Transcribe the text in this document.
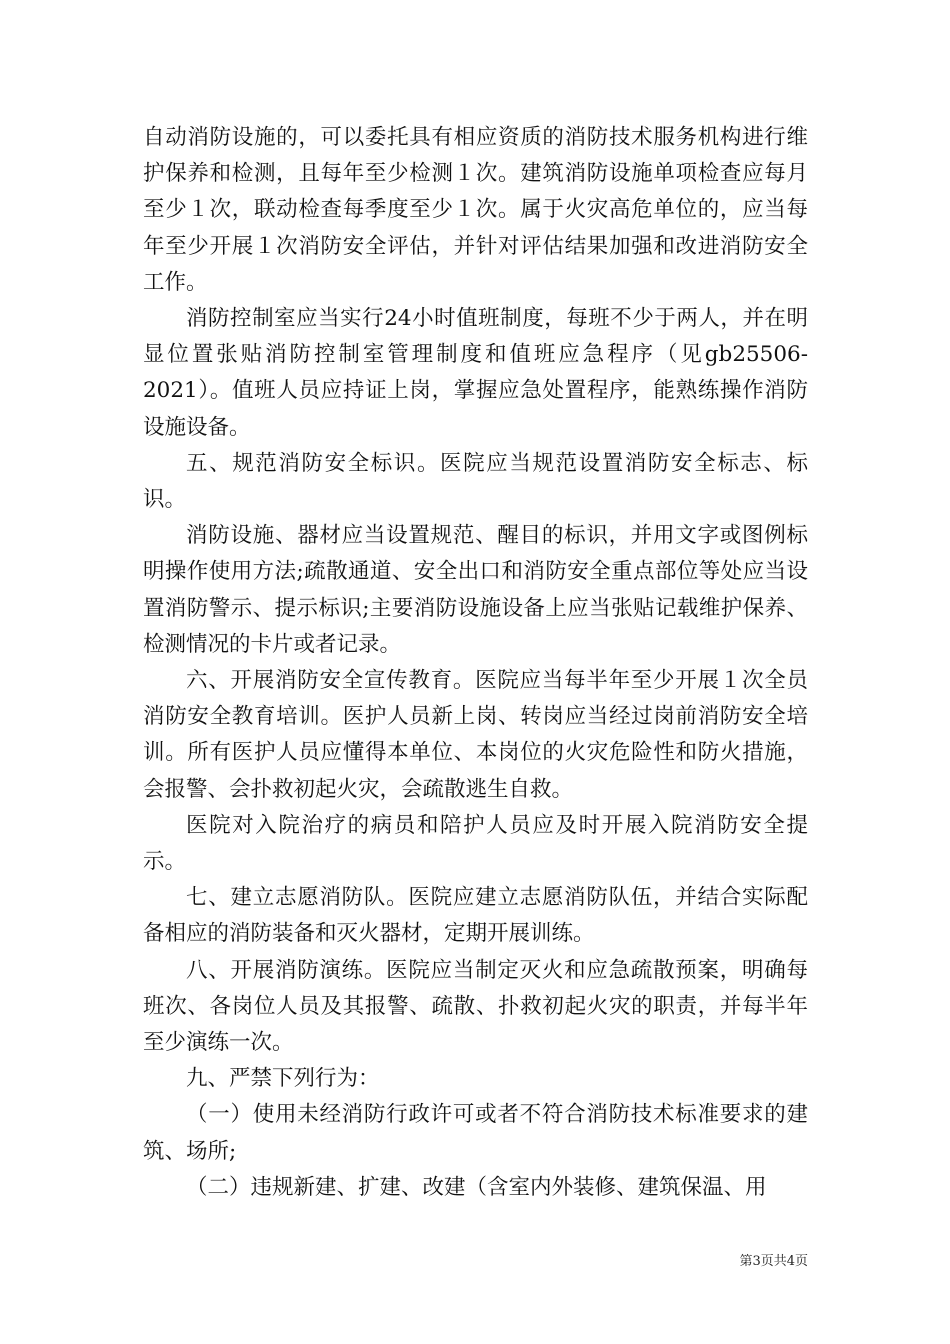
自动消防设施的，可以委托具有相应资质的消防技术服务机构进行维护保养和检测，且每年至少检测１次。建筑消防设施单项检查应每月至少１次，联动检查每季度至少１次。属于火灾高危单位的，应当每年至少开展１次消防安全评估，并针对评估结果加强和改进消防安全工作。

消防控制室应当实行24小时值班制度，每班不少于两人，并在明显位置张贴消防控制室管理制度和值班应急程序（见gb25506-2021）。值班人员应持证上岗，掌握应急处置程序，能熟练操作消防设施设备。

五、规范消防安全标识。医院应当规范设置消防安全标志、标识。

消防设施、器材应当设置规范、醒目的标识，并用文字或图例标明操作使用方法;疏散通道、安全出口和消防安全重点部位等处应当设置消防警示、提示标识;主要消防设施设备上应当张贴记载维护保养、检测情况的卡片或者记录。

六、开展消防安全宣传教育。医院应当每半年至少开展１次全员消防安全教育培训。医护人员新上岗、转岗应当经过岗前消防安全培训。所有医护人员应懂得本单位、本岗位的火灾危险性和防火措施，会报警、会扑救初起火灾，会疏散逃生自救。

医院对入院治疗的病员和陪护人员应及时开展入院消防安全提示。

七、建立志愿消防队。医院应建立志愿消防队伍，并结合实际配备相应的消防装备和灭火器材，定期开展训练。

八、开展消防演练。医院应当制定灭火和应急疏散预案，明确每班次、各岗位人员及其报警、疏散、扑救初起火灾的职责，并每半年至少演练一次。

九、严禁下列行为：

（一）使用未经消防行政许可或者不符合消防技术标准要求的建筑、场所;

（二）违规新建、扩建、改建（含室内外装修、建筑保温、用

第3页共4页
